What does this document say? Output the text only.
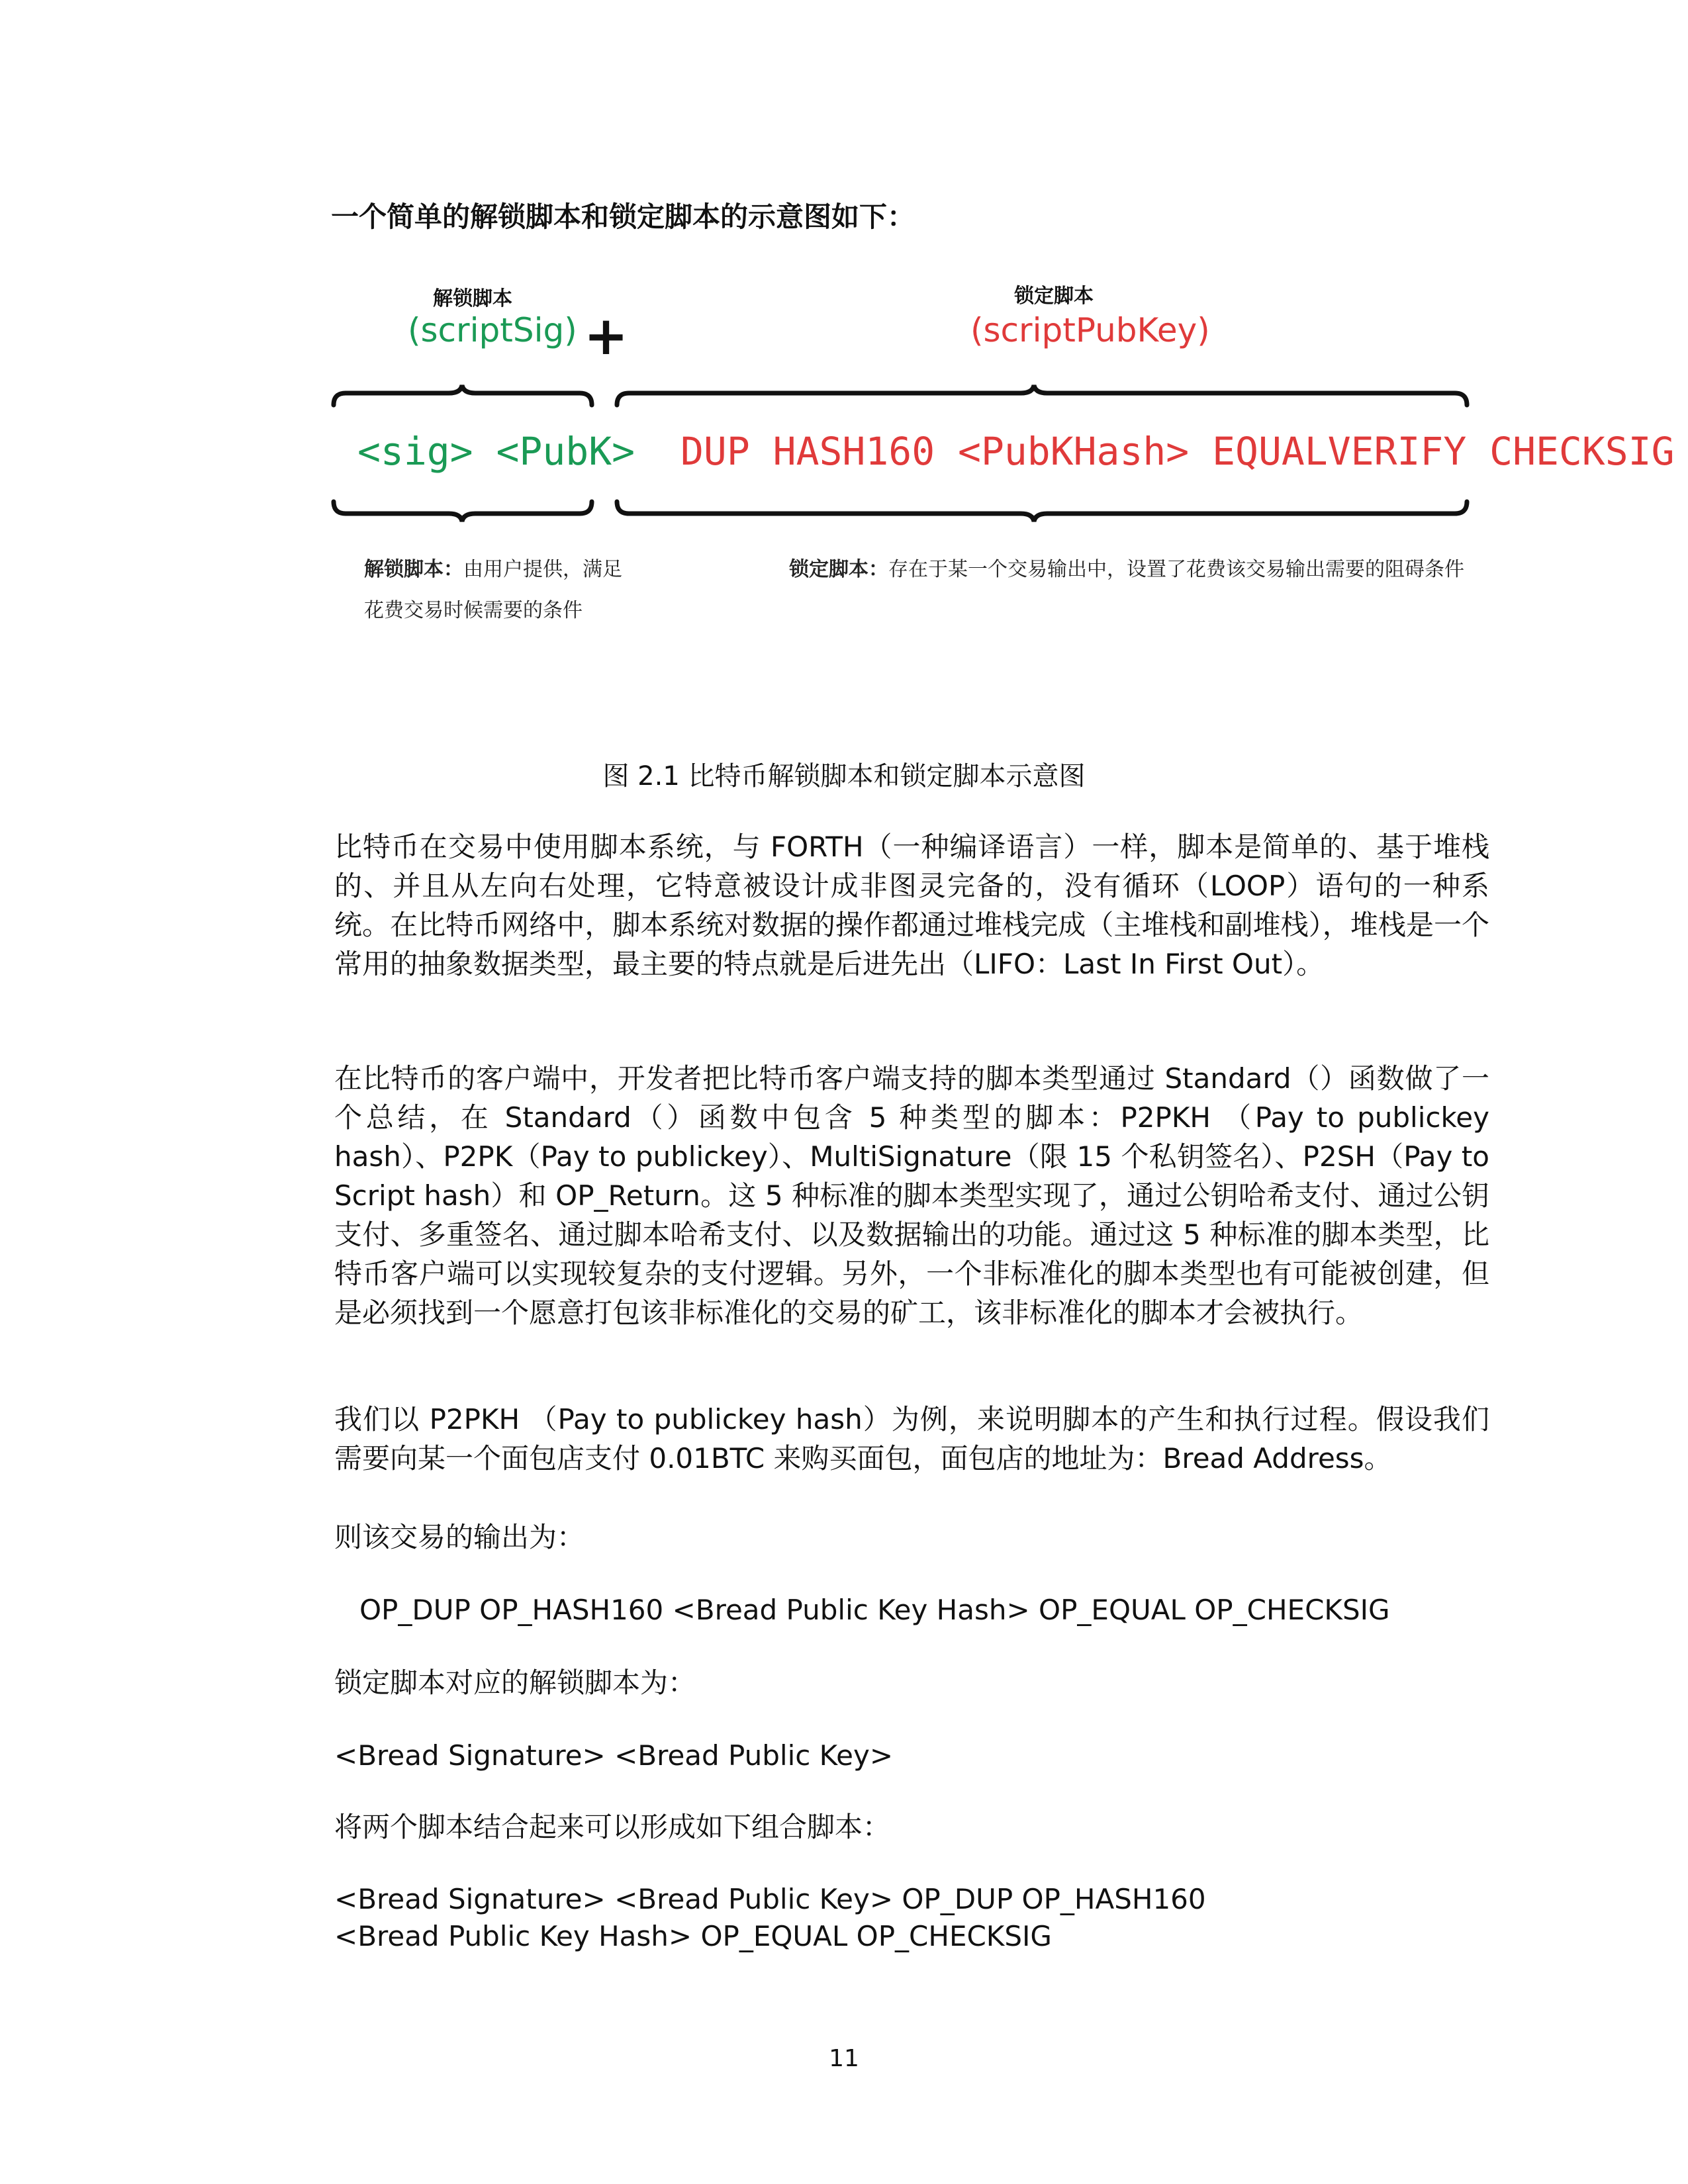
一个简单的解锁脚本和锁定脚本的示意图如下：

解锁脚本
(scriptSig) +
锁定脚本
(scriptPubKey)
<sig> <PubK> DUP HASH160 <PubKHash> EQUALVERIFY CHECKSIG
解锁脚本：由用户提供，满足
花费交易时候需要的条件
锁定脚本：存在于某一个交易输出中，设置了花费该交易输出需要的阻碍条件

图 2.1 比特币解锁脚本和锁定脚本示意图

比特币在交易中使用脚本系统，与 FORTH（一种编译语言）一样，脚本是简单的、基于堆栈的、并且从左向右处理，它特意被设计成非图灵完备的，没有循环（LOOP）语句的一种系统。在比特币网络中，脚本系统对数据的操作都通过堆栈完成（主堆栈和副堆栈），堆栈是一个常用的抽象数据类型，最主要的特点就是后进先出（LIFO：Last In First Out）。

在比特币的客户端中，开发者把比特币客户端支持的脚本类型通过 Standard（）函数做了一个总结，在 Standard（）函数中包含 5 种类型的脚本：P2PKH （Pay to publickey hash）、P2PK（Pay to publickey）、MultiSignature（限 15 个私钥签名）、P2SH（Pay to Script hash）和 OP_Return。这 5 种标准的脚本类型实现了，通过公钥哈希支付、通过公钥支付、多重签名、通过脚本哈希支付、以及数据输出的功能。通过这 5 种标准的脚本类型，比特币客户端可以实现较复杂的支付逻辑。另外，一个非标准化的脚本类型也有可能被创建，但是必须找到一个愿意打包该非标准化的交易的矿工，该非标准化的脚本才会被执行。

我们以 P2PKH （Pay to publickey hash）为例，来说明脚本的产生和执行过程。假设我们需要向某一个面包店支付 0.01BTC 来购买面包，面包店的地址为：Bread Address。

则该交易的输出为：

OP_DUP OP_HASH160 <Bread Public Key Hash> OP_EQUAL OP_CHECKSIG

锁定脚本对应的解锁脚本为：

<Bread Signature> <Bread Public Key>

将两个脚本结合起来可以形成如下组合脚本：

<Bread Signature> <Bread Public Key> OP_DUP OP_HASH160

<Bread Public Key Hash> OP_EQUAL OP_CHECKSIG

11
